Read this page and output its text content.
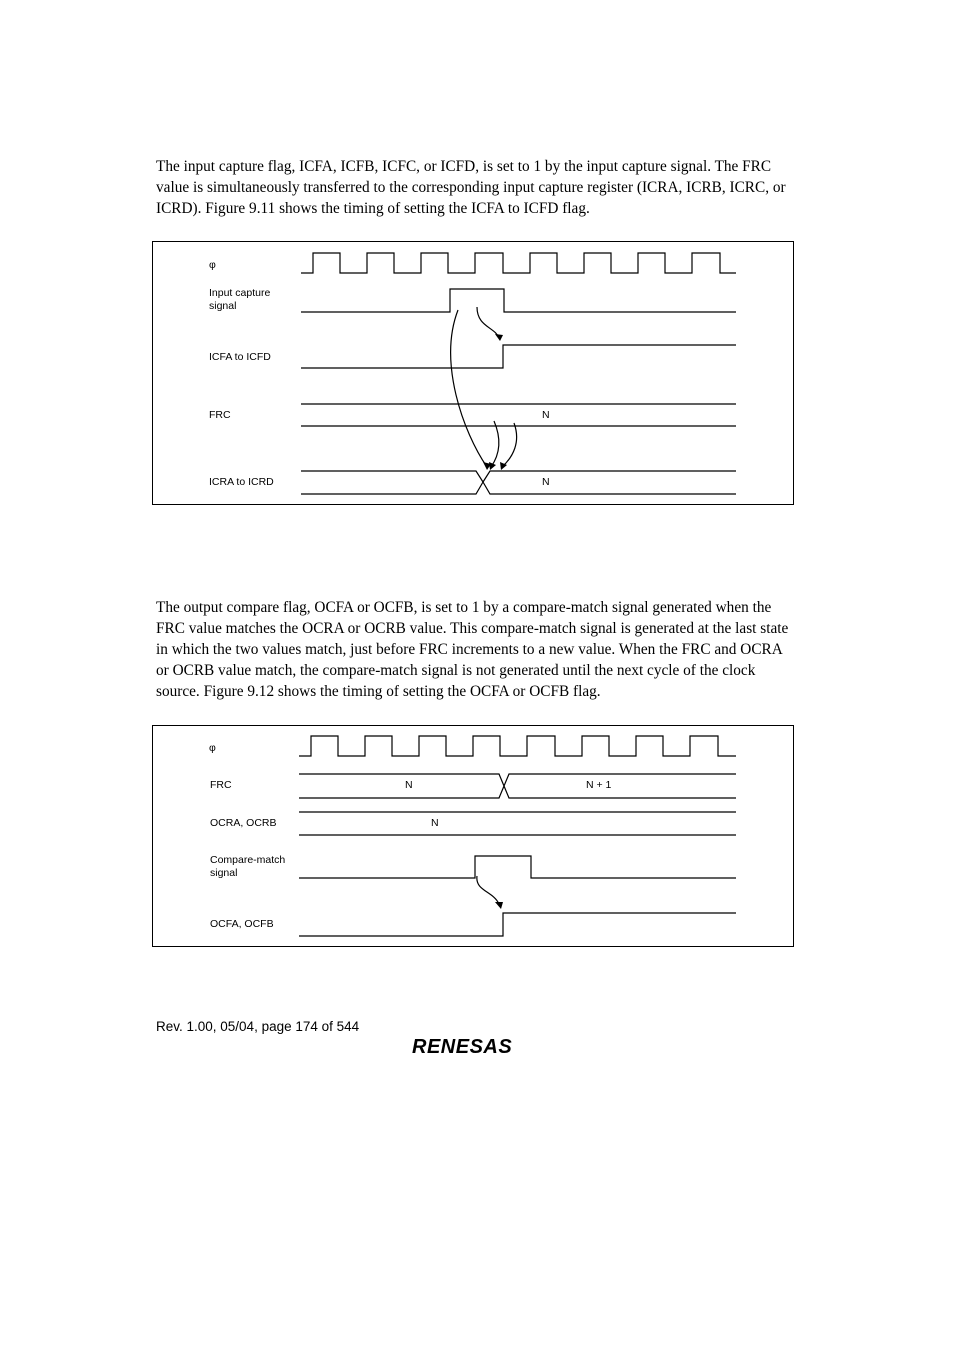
The input capture flag, ICFA, ICFB, ICFC, or ICFD, is set to 1 by the input capture signal. The FRC value is simultaneously transferred to the corresponding input capture register (ICRA, ICRB, ICRC, or ICRD). Figure 9.11 shows the timing of setting the ICFA to ICFD flag.

φ
Input capture
signal
ICFA to ICFD
FRC
ICRA to ICRD
N
N

The output compare flag, OCFA or OCFB, is set to 1 by a compare-match signal generated when the FRC value matches the OCRA or OCRB value. This compare-match signal is generated at the last state in which the two values match, just before FRC increments to a new value. When the FRC and OCRA or OCRB value match, the compare-match signal is not generated until the next cycle of the clock source. Figure 9.12 shows the timing of setting the OCFA or OCFB flag.

φ
FRC
OCRA, OCRB
Compare-match
signal
OCFA, OCFB
N	N + 1
N
Rev. 1.00, 05/04, page 174 of 544
RENESAS
